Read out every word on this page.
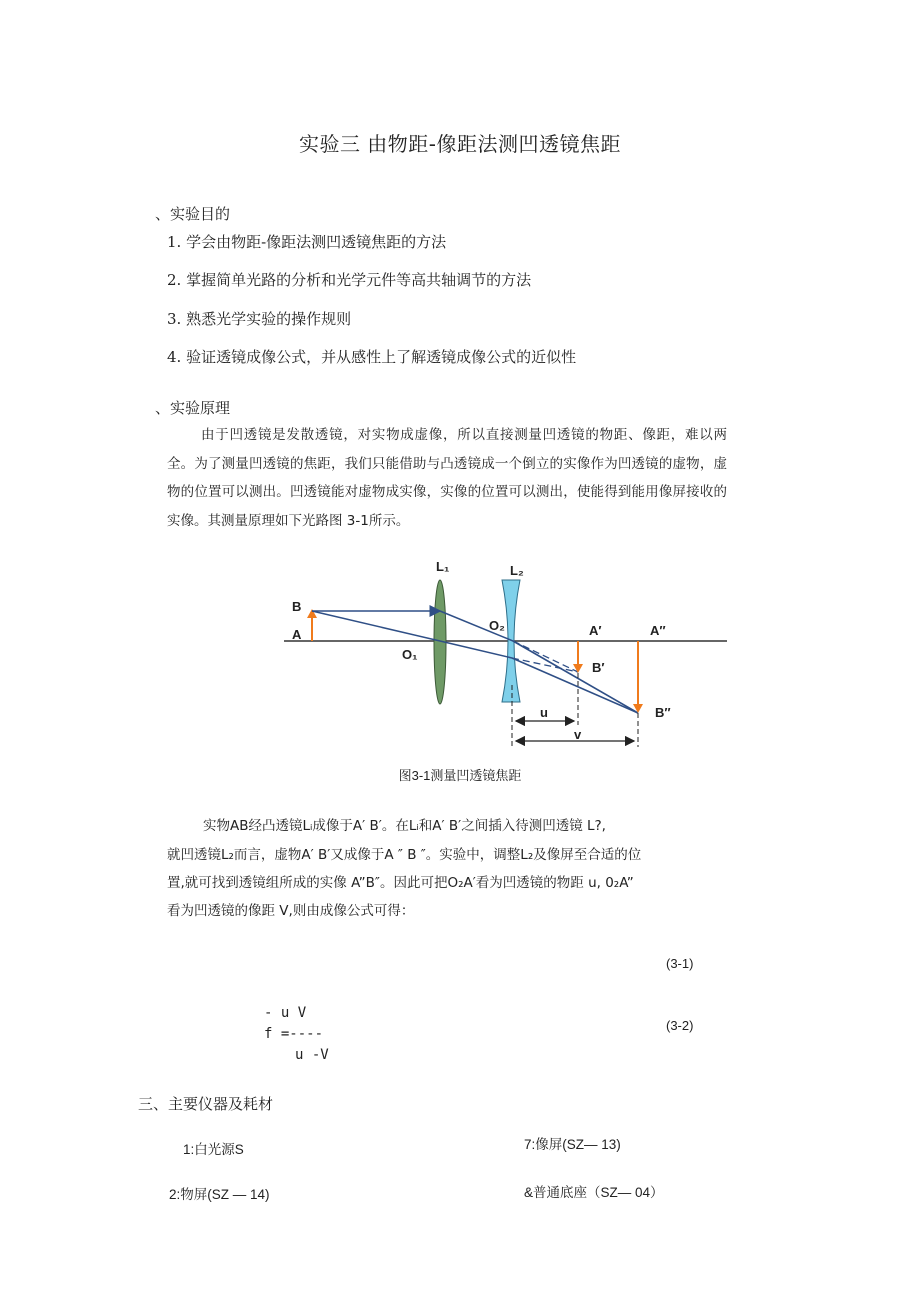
实验三 由物距-像距法测凹透镜焦距
、实验目的
1. 学会由物距-像距法测凹透镜焦距的方法
2. 掌握简单光路的分析和光学元件等高共轴调节的方法
3. 熟悉光学实验的操作规则
4. 验证透镜成像公式，并从感性上了解透镜成像公式的近似性
、实验原理
由于凹透镜是发散透镜，对实物成虚像，所以直接测量凹透镜的物距、像距，难以两全。为了测量凹透镜的焦距，我们只能借助与凸透镜成一个倒立的实像作为凹透镜的虚物，虚物的位置可以测出。凹透镜能对虚物成实像，实像的位置可以测出，使能得到能用像屏接收的实像。其测量原理如下光路图 3-1所示。
L₁	L₂
B
A
O₁
O₂	A′	A″
B′
B″
u
v
图3-1测量凹透镜焦距
实物AB经凸透镜Lᵢ成像于A′ B′。在Lᵢ和A′ B′之间插入待测凹透镜 L?,
就凹透镜L₂而言，虚物A′ B′又成像于A ″ B ″。实验中，调整L₂及像屏至合适的位
置,就可找到透镜组所成的实像 A”B″。因此可把O₂A′看为凹透镜的物距 u, 0₂A”
看为凹透镜的像距 V,则由成像公式可得：
(3-1)
(3-2)
- u V
f =----
u -V
三、主要仪器及耗材
1:白光源S	7:像屏(SZ— 13)
2:物屏(SZ — 14)	&普通底座（SZ— 04）
